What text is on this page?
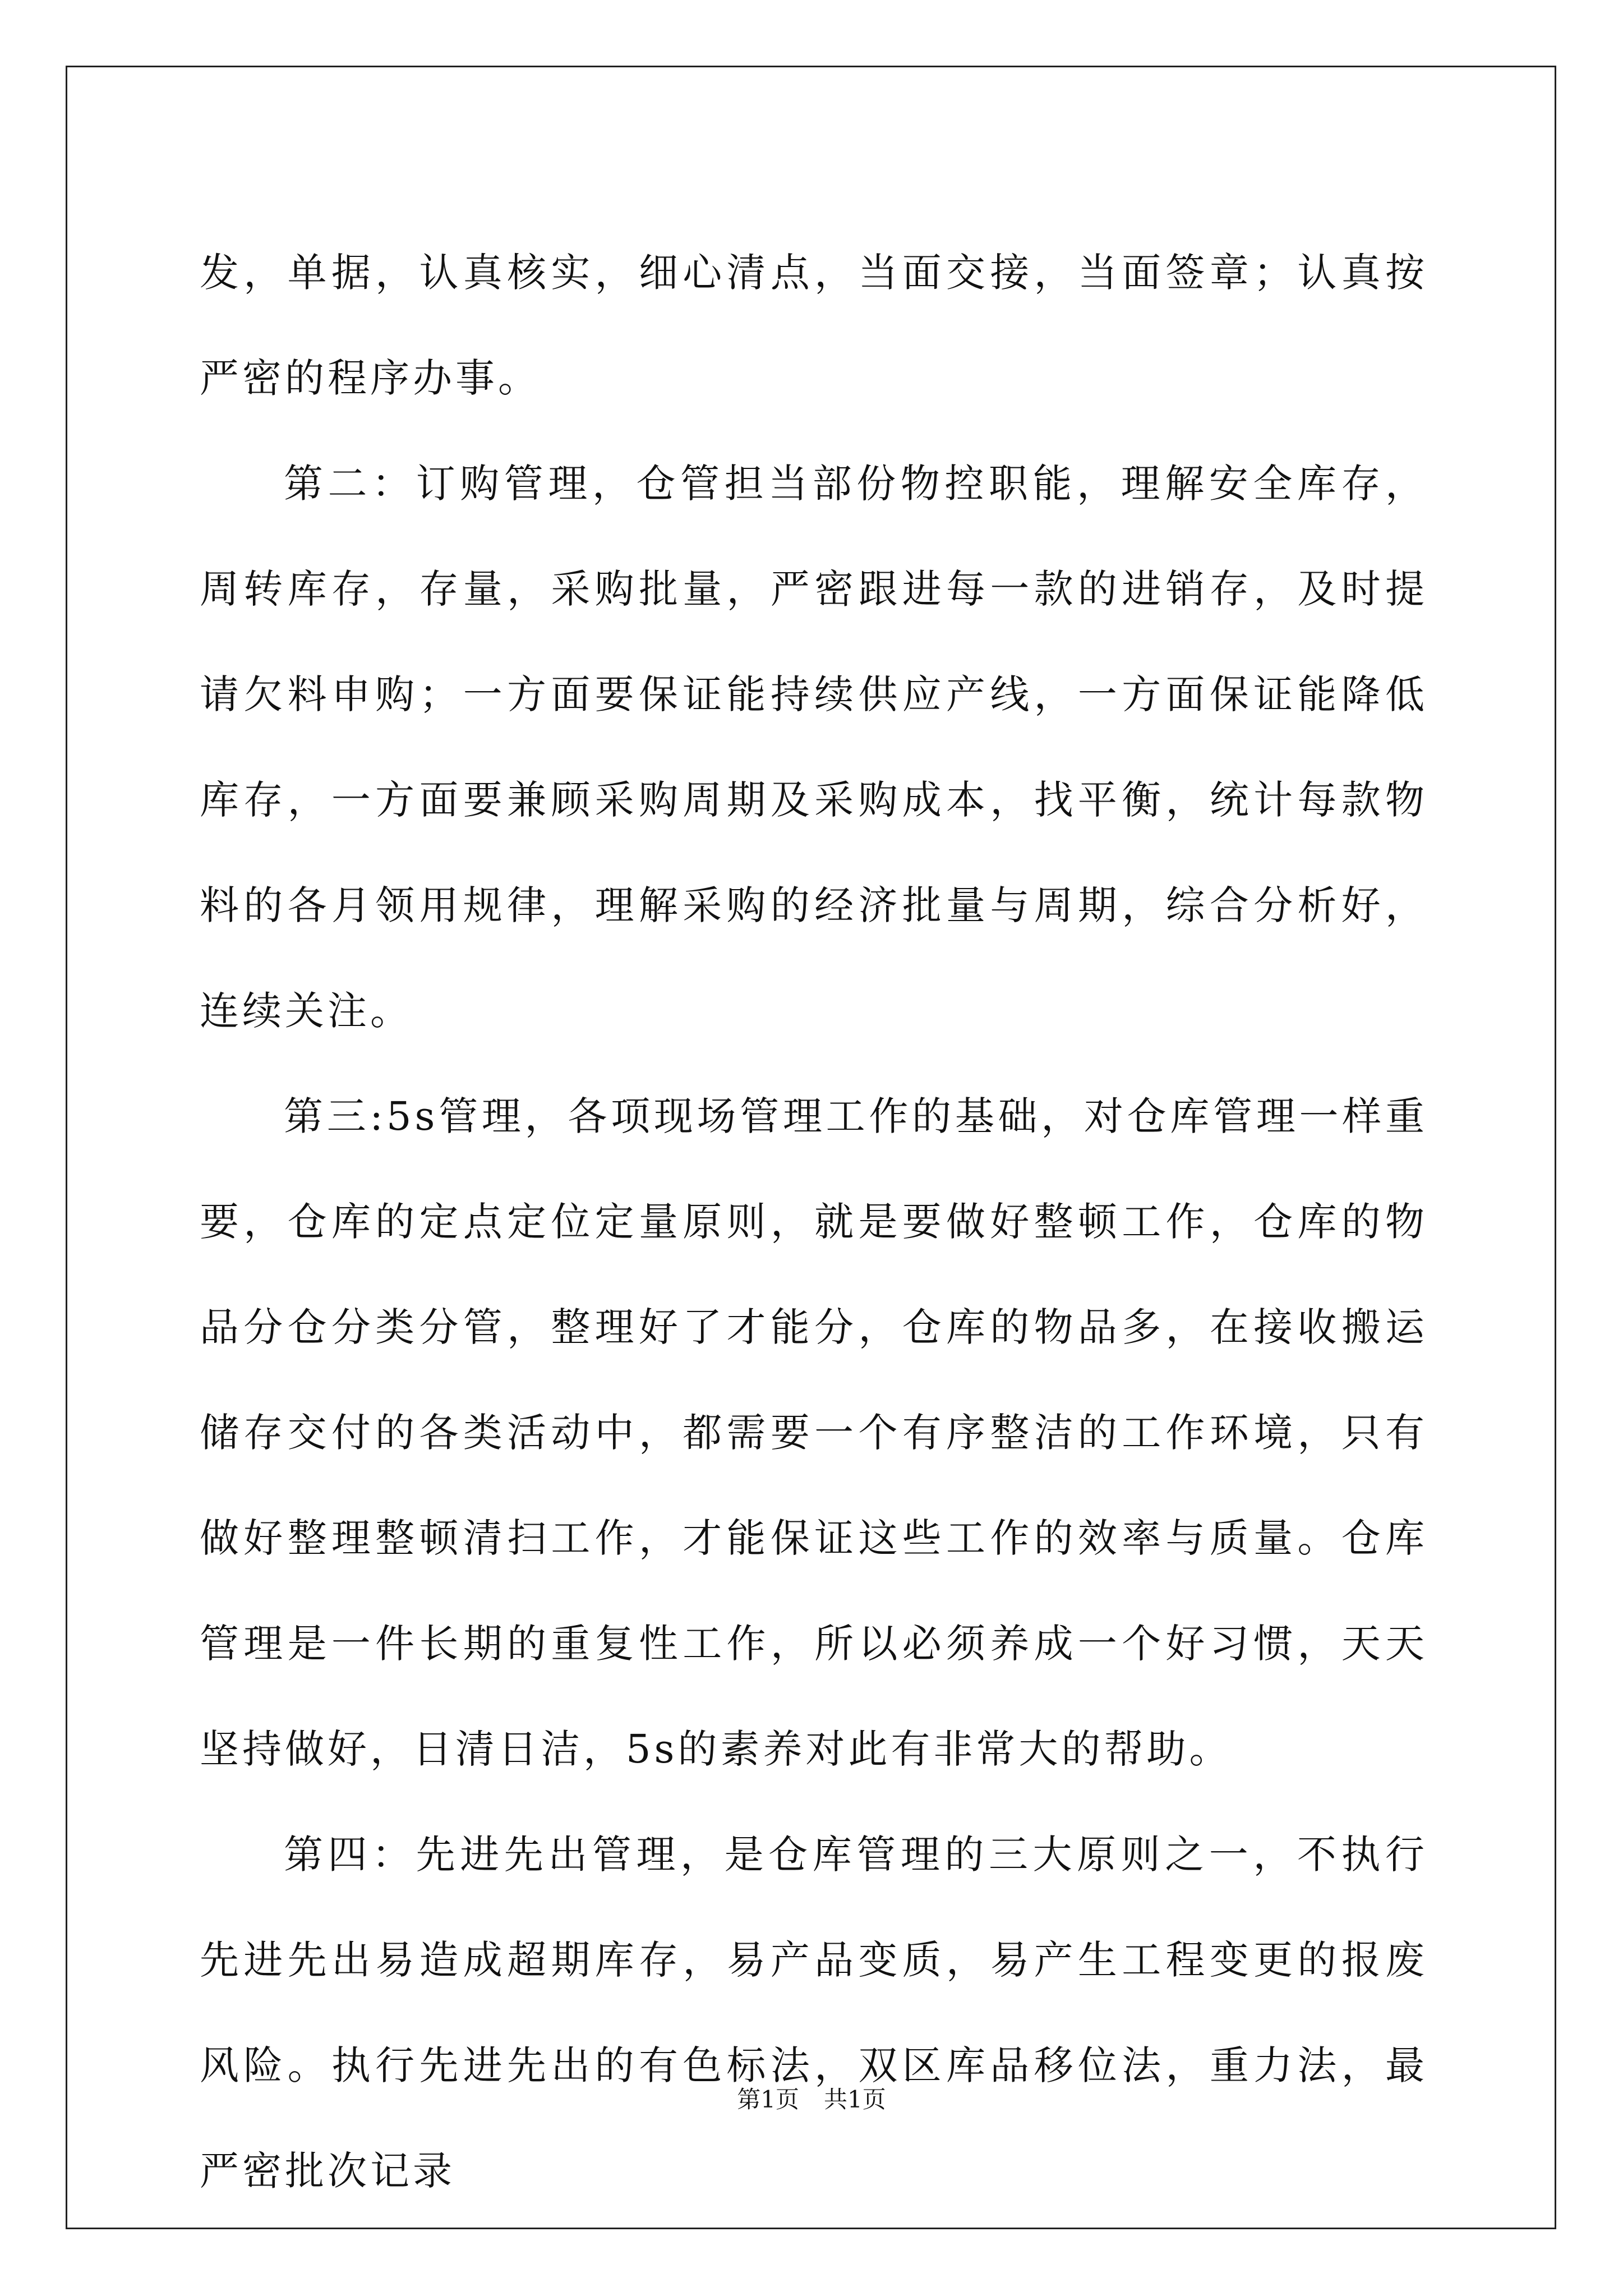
发，单据，认真核实，细心清点，当面交接，当面签章；认真按严密的程序办事。

第二：订购管理，仓管担当部份物控职能，理解安全库存，周转库存，存量，采购批量，严密跟进每一款的进销存，及时提请欠料申购；一方面要保证能持续供应产线，一方面保证能降低库存，一方面要兼顾采购周期及采购成本，找平衡，统计每款物料的各月领用规律，理解采购的经济批量与周期，综合分析好，连续关注。

第三:5s管理，各项现场管理工作的基础，对仓库管理一样重要，仓库的定点定位定量原则，就是要做好整顿工作，仓库的物品分仓分类分管，整理好了才能分，仓库的物品多，在接收搬运储存交付的各类活动中，都需要一个有序整洁的工作环境，只有做好整理整顿清扫工作，才能保证这些工作的效率与质量。仓库管理是一件长期的重复性工作，所以必须养成一个好习惯，天天坚持做好，日清日洁，5s的素养对此有非常大的帮助。

第四：先进先出管理，是仓库管理的三大原则之一，不执行先进先出易造成超期库存，易产品变质，易产生工程变更的报废风险。执行先进先出的有色标法，双区库品移位法，重力法，最严密批次记录

第1页 共1页
